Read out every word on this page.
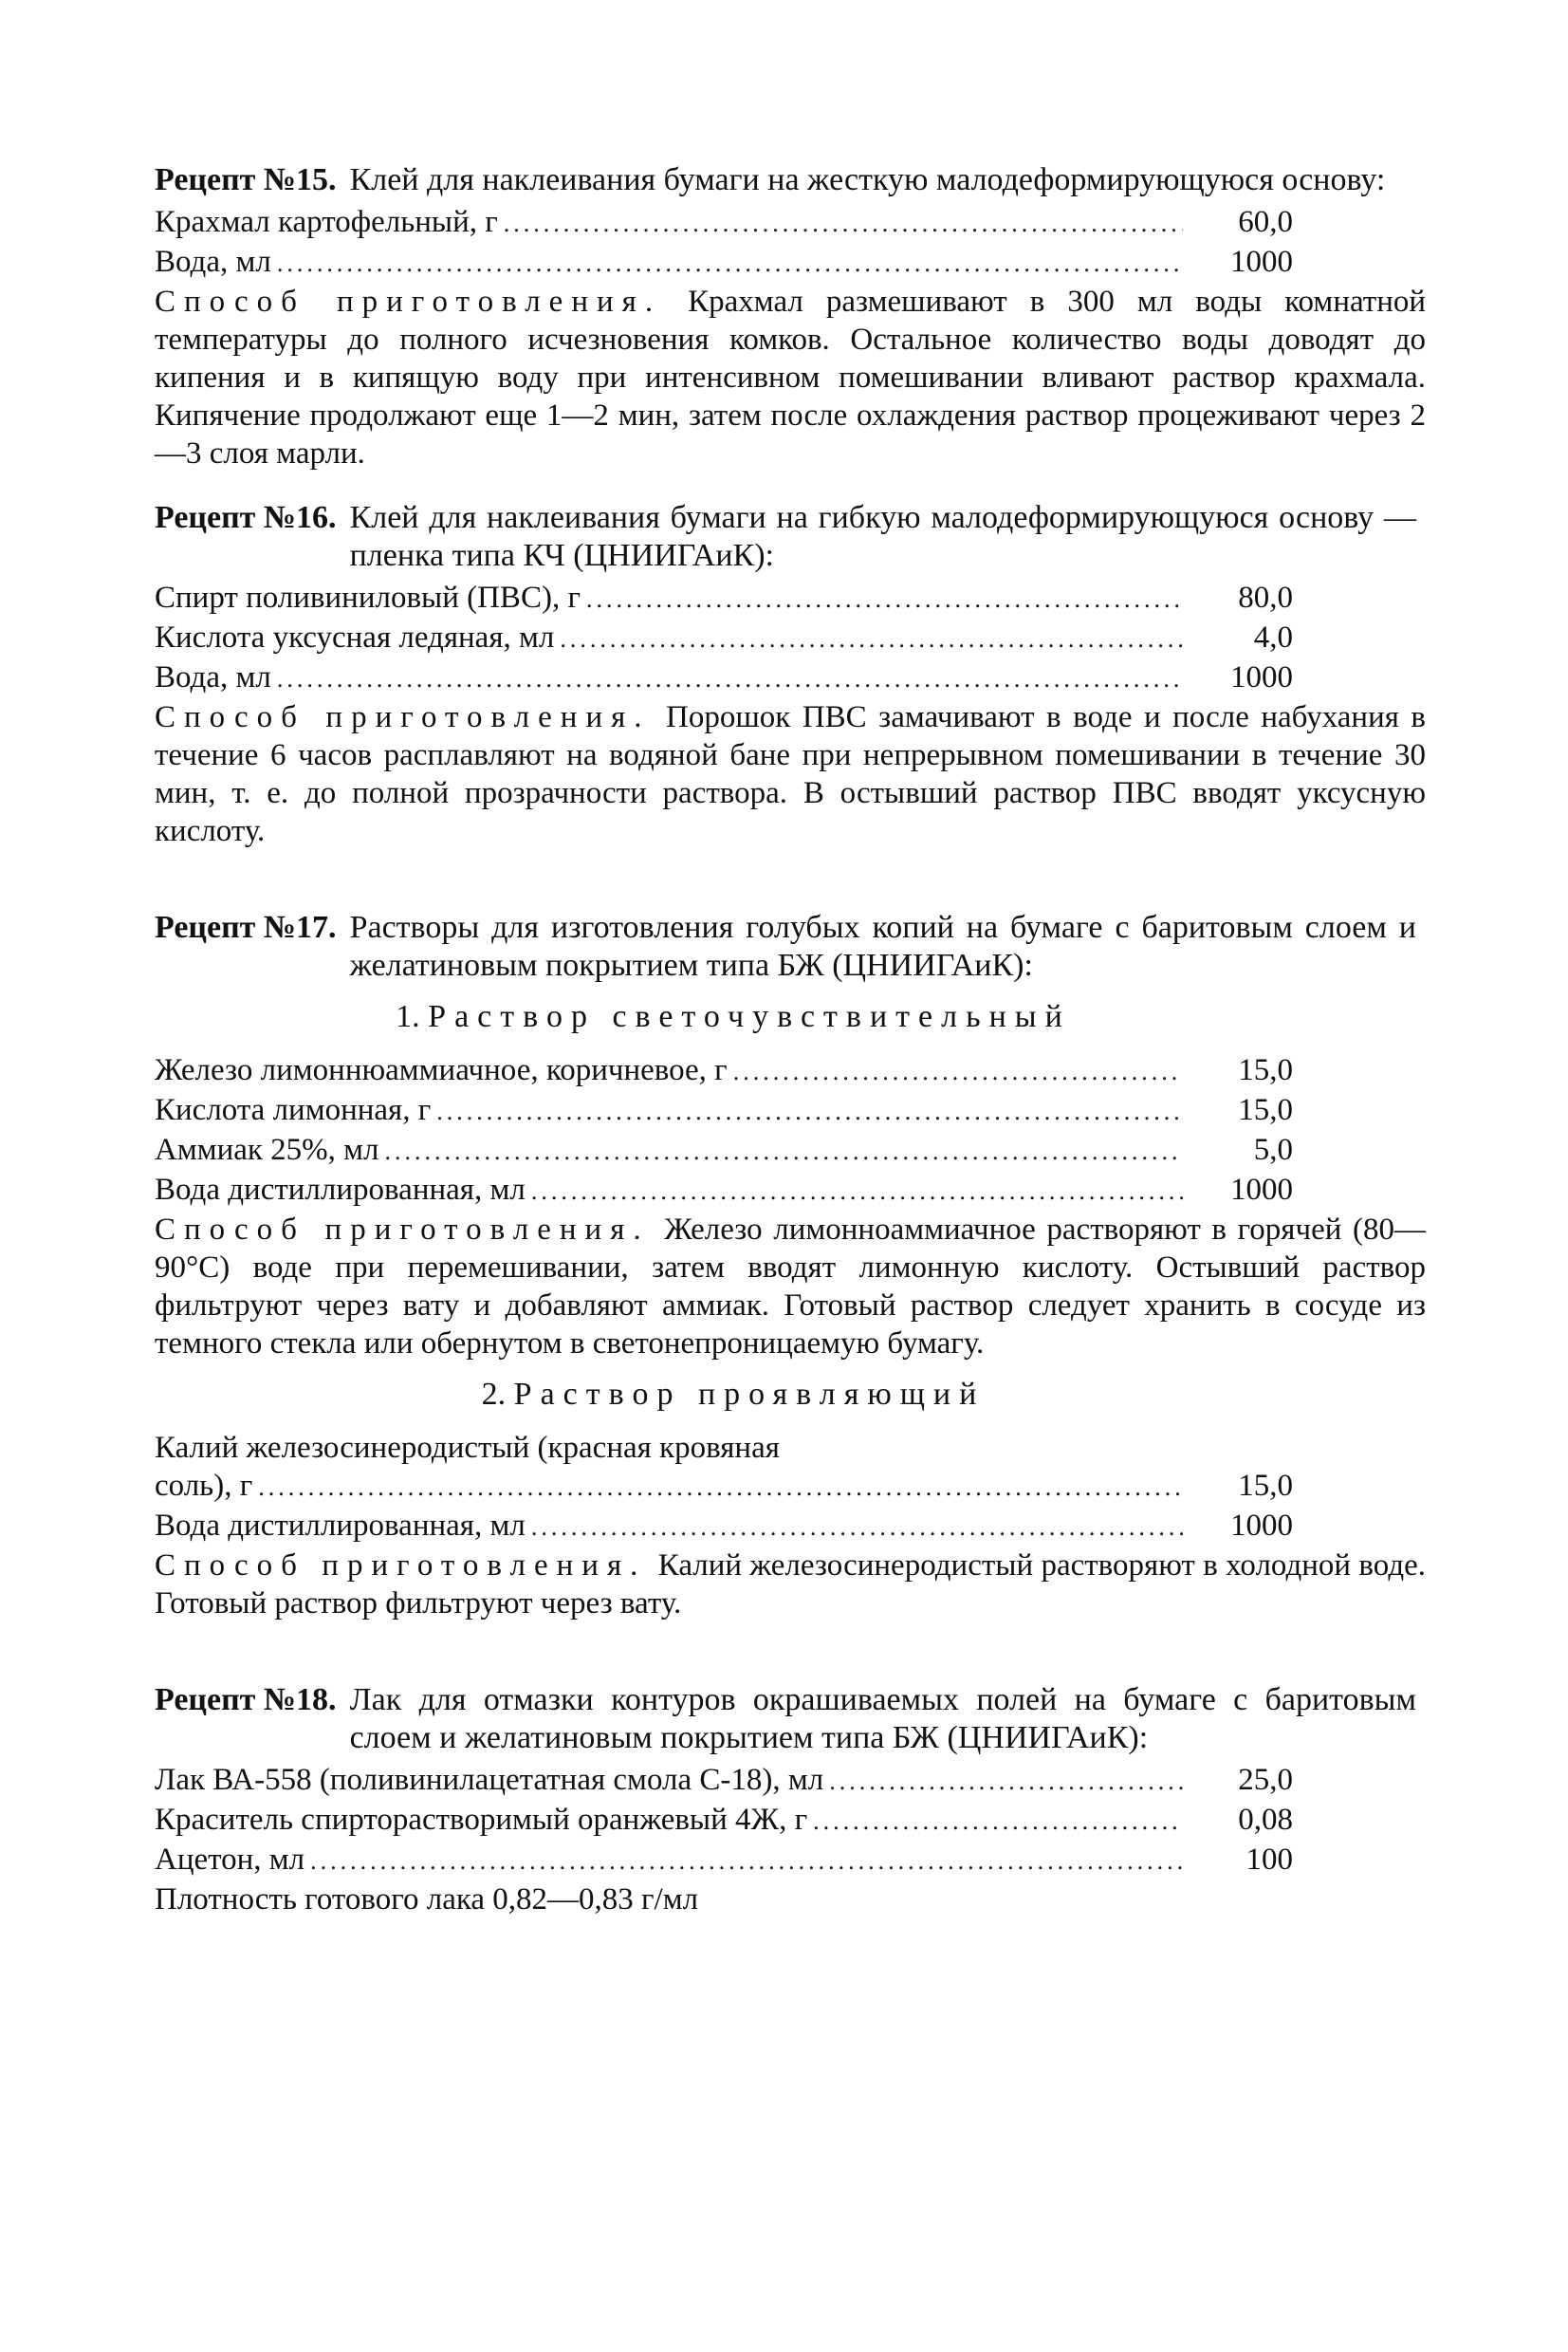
Рецепт №15. Клей для наклеивания бумаги на жесткую малодеформирующуюся основу:
Крахмал картофельный, г .....	60,0
Вода, мл .....	1000

Способ приготовления. Крахмал размешивают в 300 мл воды комнатной температуры до полного исчезновения комков. Остальное количество воды доводят до кипения и в кипящую воду при интенсивном помешивании вливают раствор крахмала. Кипячение продолжают еще 1—2 мин, затем после охлаждения раствор процеживают через 2—3 слоя марли.

Рецепт №16. Клей для наклеивания бумаги на гибкую малодеформирующуюся основу — пленка типа КЧ (ЦНИИГАиК):
Спирт поливиниловый (ПВС), г .....	80,0
Кислота уксусная ледяная, мл .....	4,0
Вода, мл .....	1000

Способ приготовления. Порошок ПВС замачивают в воде и после набухания в течение 6 часов расплавляют на водяной бане при непрерывном помешивании в течение 30 мин, т. е. до полной прозрачности раствора. В остывший раствор ПВС вводят уксусную кислоту.

Рецепт №17. Растворы для изготовления голубых копий на бумаге с баритовым слоем и желатиновым покрытием типа БЖ (ЦНИИГАиК):
1. Раствор светочувствительный
Железо лимоннюаммиачное, коричневое, г .....	15,0
Кислота лимонная, г .....	15,0
Аммиак 25%, мл .....	5,0
Вода дистиллированная, мл .....	1000

Способ приготовления. Железо лимонноаммиачное растворяют в горячей (80—90°С) воде при перемешивании, затем вводят лимонную кислоту. Остывший раствор фильтруют через вату и добавляют аммиак. Готовый раствор следует хранить в сосуде из темного стекла или обернутом в светонепроницаемую бумагу.

2. Раствор проявляющий
Калий железосинеродистый (красная кровяная
соль), г .....	15,0
Вода дистиллированная, мл .....	1000

Способ приготовления. Калий железосинеродистый растворяют в холодной воде. Готовый раствор фильтруют через вату.

Рецепт №18. Лак для отмазки контуров окрашиваемых полей на бумаге с баритовым слоем и желатиновым покрытием типа БЖ (ЦНИИГАиК):
Лак ВА-558 (поливинилацетатная смола С-18), мл .....	25,0
Краситель спирторастворимый оранжевый 4Ж, г .....	0,08
Ацетон, мл .....	100
Плотность готового лака 0,82—0,83 г/мл
